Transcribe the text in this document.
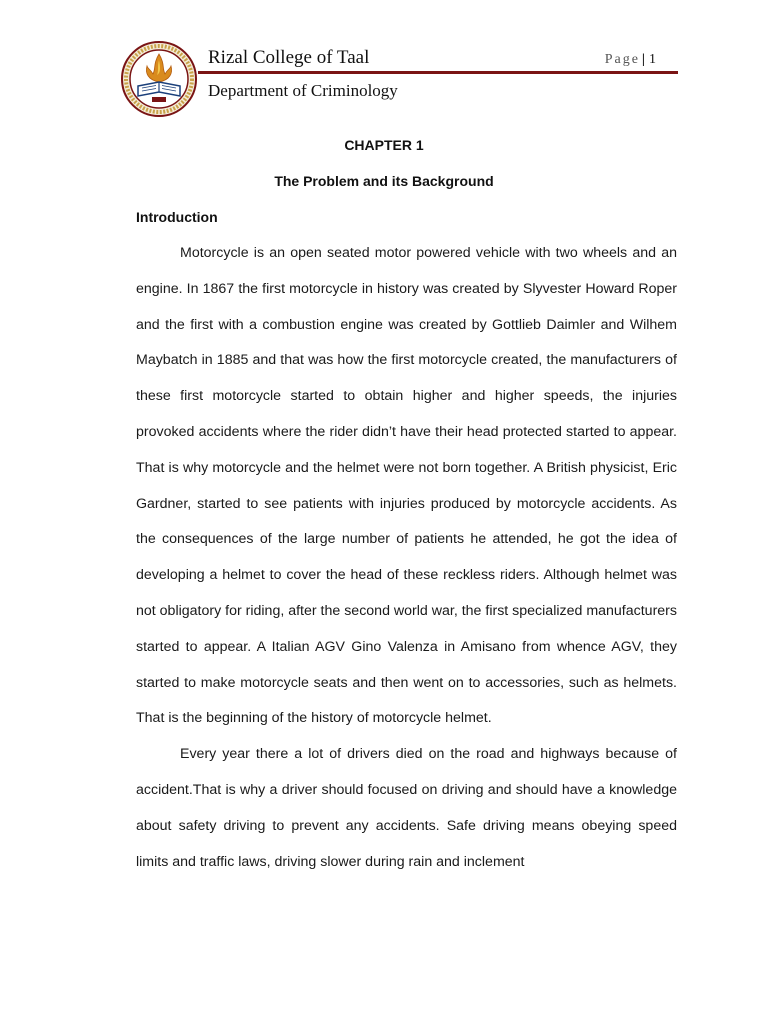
Rizal College of Taal	Page | 1
Department of Criminology
CHAPTER 1
The Problem and its Background
Introduction

Motorcycle is an open seated motor powered vehicle with two wheels and an engine. In 1867 the first motorcycle in history was created by Slyvester Howard Roper and the first with a combustion engine was created by Gottlieb Daimler and Wilhem Maybatch in 1885 and that was how the first motorcycle created, the manufacturers of these first motorcycle started to obtain higher and higher speeds, the injuries provoked accidents where the rider didn’t have their head protected started to appear. That is why motorcycle and the helmet were not born together. A British physicist, Eric Gardner, started to see patients with injuries produced by motorcycle accidents. As the consequences of the large number of patients he attended, he got the idea of developing a helmet to cover the head of these reckless riders. Although helmet was not obligatory for riding, after the second world war, the first specialized manufacturers started to appear. A Italian AGV Gino Valenza in Amisano from whence AGV, they started to make motorcycle seats and then went on to accessories, such as helmets. That is the beginning of the history of motorcycle helmet.

Every year there a lot of drivers died on the road and highways because of accident.That is why a driver should focused on driving and should have a knowledge about safety driving to prevent any accidents. Safe driving means obeying speed limits and traffic laws, driving slower during rain and inclement
